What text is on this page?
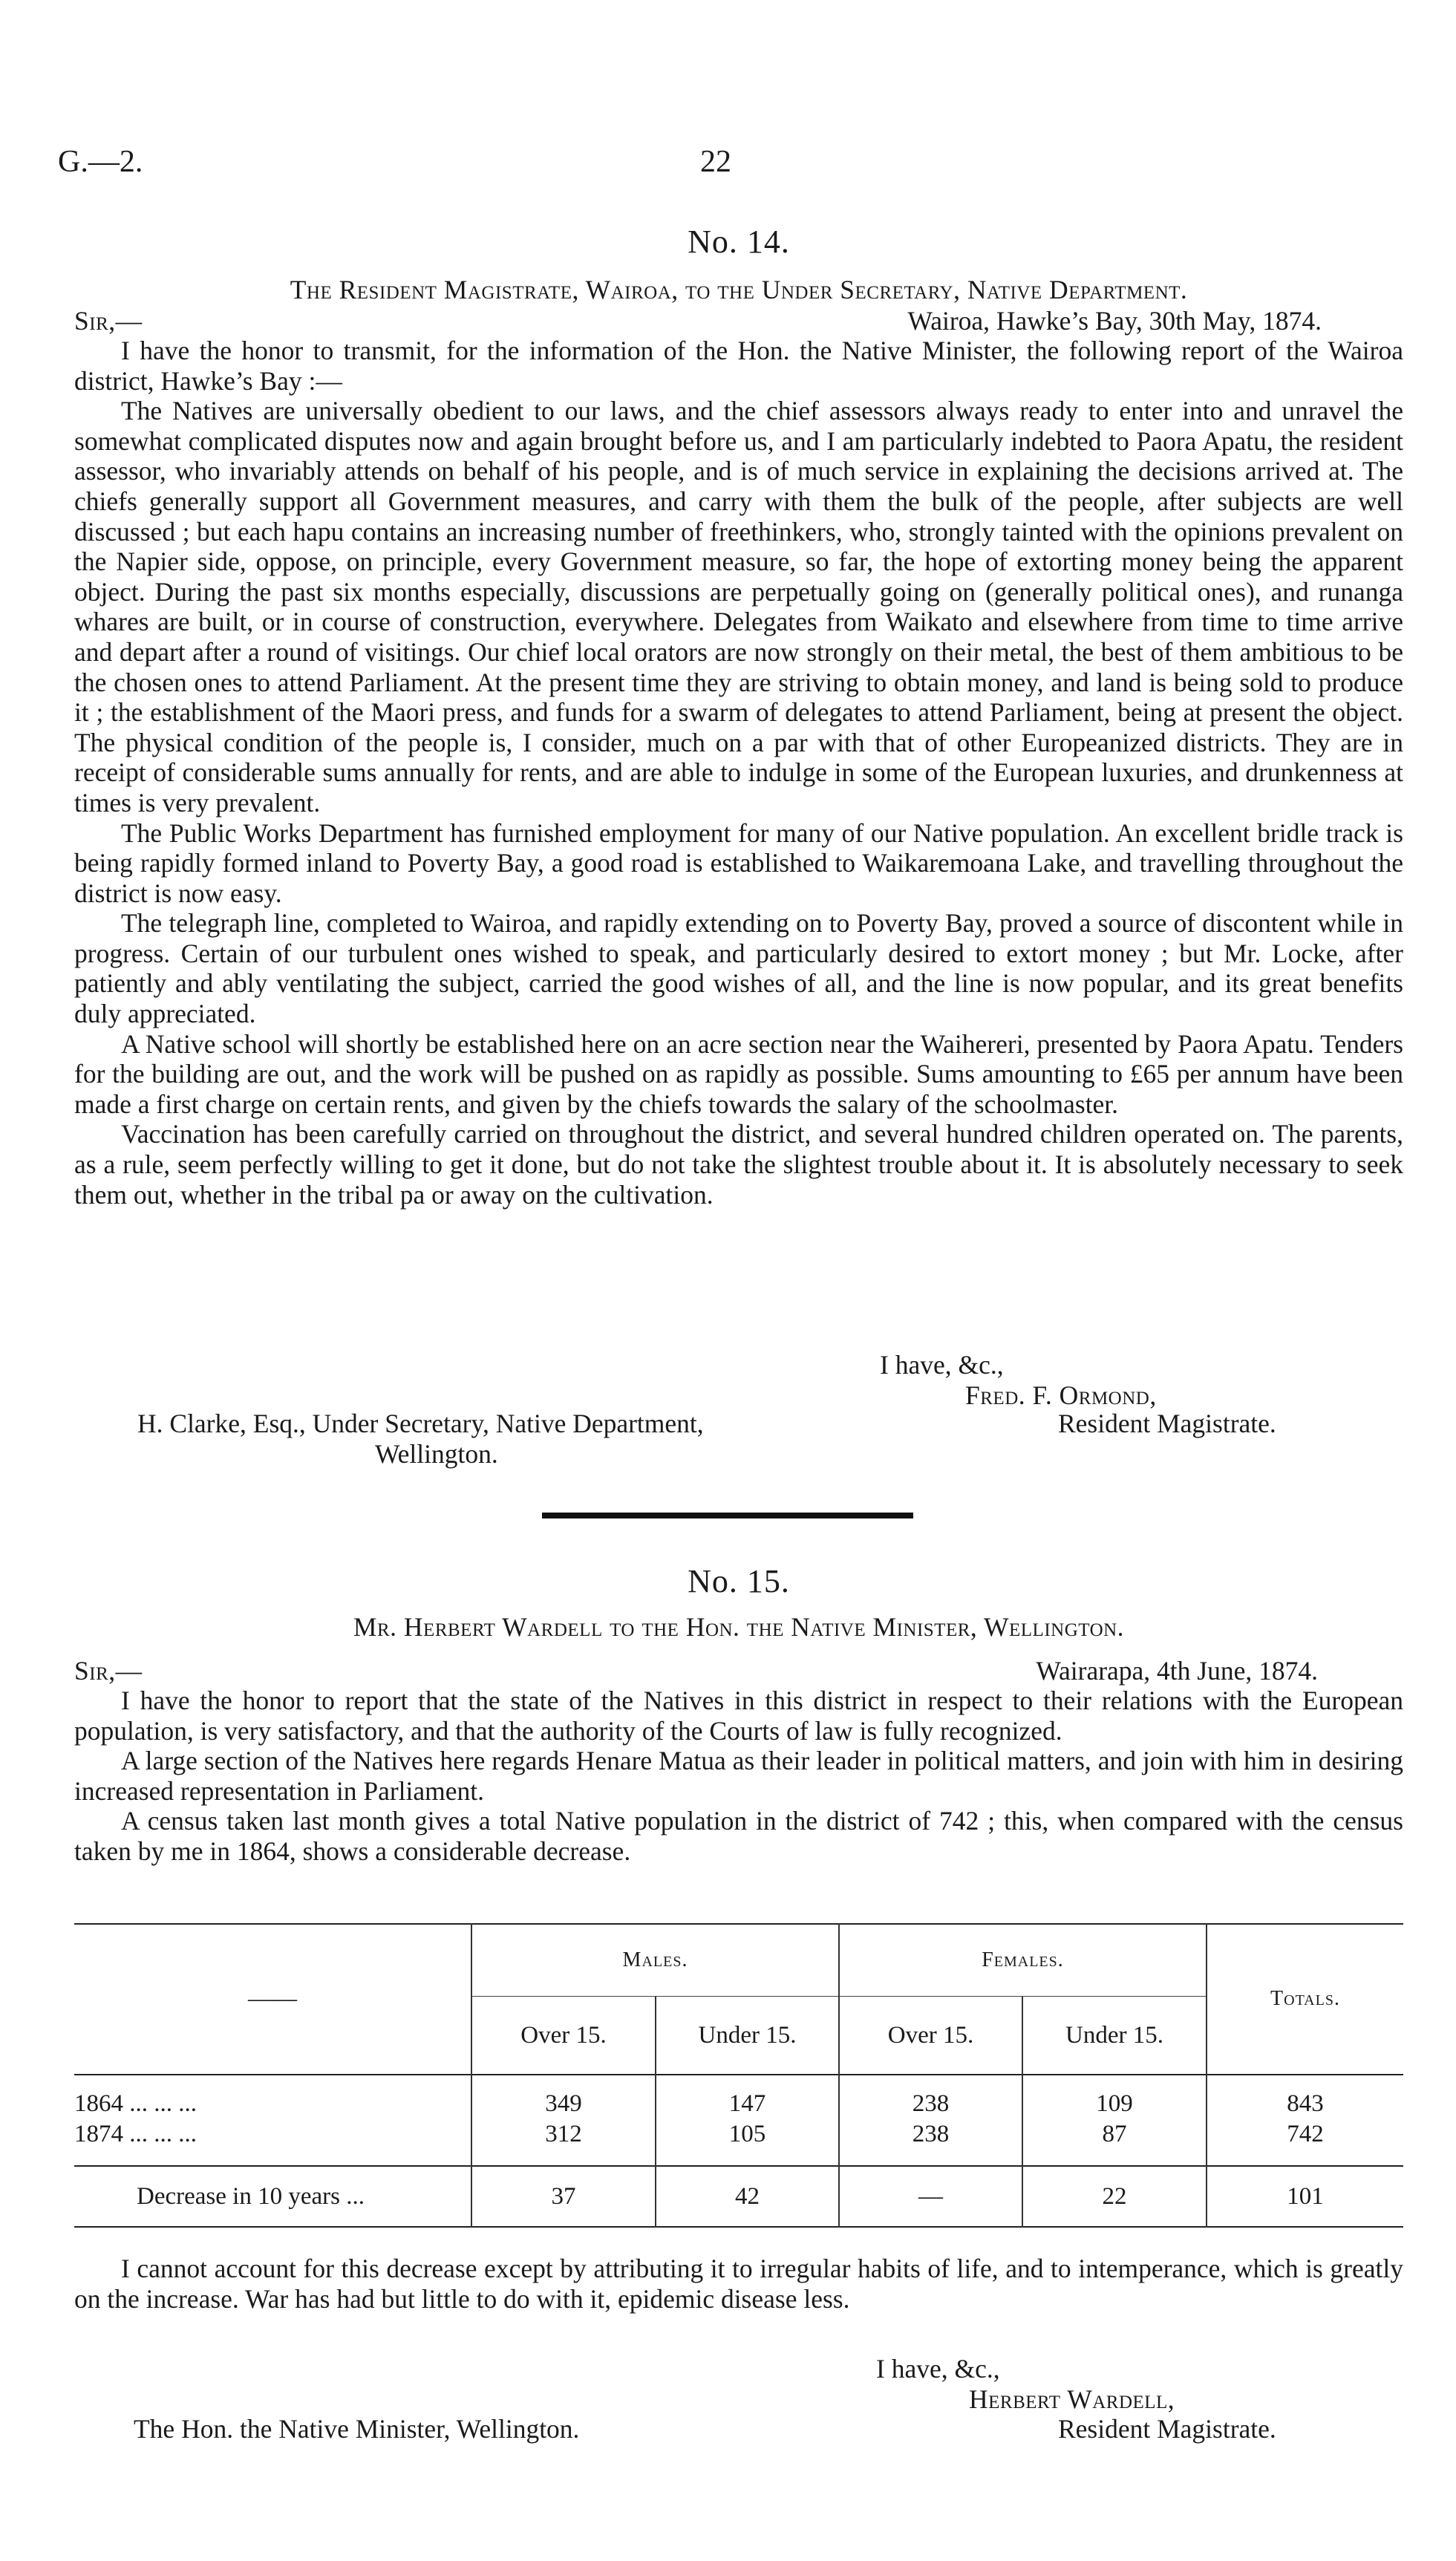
G.—2.	22
No. 14.
The Resident Magistrate, Wairoa, to the Under Secretary, Native Department.
Sir,—	Wairoa, Hawke’s Bay, 30th May, 1874.

I have the honor to transmit, for the information of the Hon. the Native Minister, the following report of the Wairoa district, Hawke’s Bay :—

The Natives are universally obedient to our laws, and the chief assessors always ready to enter into and unravel the somewhat complicated disputes now and again brought before us, and I am particularly indebted to Paora Apatu, the resident assessor, who invariably attends on behalf of his people, and is of much service in explaining the decisions arrived at. The chiefs generally support all Government measures, and carry with them the bulk of the people, after subjects are well discussed ; but each hapu contains an increasing number of freethinkers, who, strongly tainted with the opinions prevalent on the Napier side, oppose, on principle, every Government measure, so far, the hope of extorting money being the apparent object. During the past six months especially, discussions are perpetually going on (generally political ones), and runanga whares are built, or in course of construction, everywhere. Delegates from Waikato and elsewhere from time to time arrive and depart after a round of visitings. Our chief local orators are now strongly on their metal, the best of them ambitious to be the chosen ones to attend Parliament. At the present time they are striving to obtain money, and land is being sold to produce it ; the establishment of the Maori press, and funds for a swarm of delegates to attend Parliament, being at present the object. The physical condition of the people is, I consider, much on a par with that of other Europeanized districts. They are in receipt of considerable sums annually for rents, and are able to indulge in some of the European luxuries, and drunkenness at times is very prevalent.

The Public Works Department has furnished employment for many of our Native population. An excellent bridle track is being rapidly formed inland to Poverty Bay, a good road is established to Waikaremoana Lake, and travelling throughout the district is now easy.

The telegraph line, completed to Wairoa, and rapidly extending on to Poverty Bay, proved a source of discontent while in progress. Certain of our turbulent ones wished to speak, and particularly desired to extort money ; but Mr. Locke, after patiently and ably ventilating the subject, carried the good wishes of all, and the line is now popular, and its great benefits duly appreciated.

A Native school will shortly be established here on an acre section near the Waihereri, presented by Paora Apatu. Tenders for the building are out, and the work will be pushed on as rapidly as possible. Sums amounting to £65 per annum have been made a first charge on certain rents, and given by the chiefs towards the salary of the schoolmaster.

Vaccination has been carefully carried on throughout the district, and several hundred children operated on. The parents, as a rule, seem perfectly willing to get it done, but do not take the slightest trouble about it. It is absolutely necessary to seek them out, whether in the tribal pa or away on the cultivation.

I have, &c.,
Fred. F. Ormond,
Resident Magistrate.
H. Clarke, Esq., Under Secretary, Native Department,
Wellington.
No. 15.
Mr. Herbert Wardell to the Hon. the Native Minister, Wellington.
Sir,—	Wairarapa, 4th June, 1874.

I have the honor to report that the state of the Natives in this district in respect to their relations with the European population, is very satisfactory, and that the authority of the Courts of law is fully recognized.

A large section of the Natives here regards Henare Matua as their leader in political matters, and join with him in desiring increased representation in Parliament.

A census taken last month gives a total Native population in the district of 742 ; this, when compared with the census taken by me in 1864, shows a considerable decrease.

——	Males.		Females.		Totals.
	Over 15.	Under 15.	Over 15.	Under 15.	
1864 ... ... ...	349	147	238	109	843
1874 ... ... ...	312	105	238	87	742
Decrease in 10 years ...	37	42	—	22	101

I cannot account for this decrease except by attributing it to irregular habits of life, and to intemperance, which is greatly on the increase. War has had but little to do with it, epidemic disease less.

I have, &c.,
Herbert Wardell,
Resident Magistrate.
The Hon. the Native Minister, Wellington.
